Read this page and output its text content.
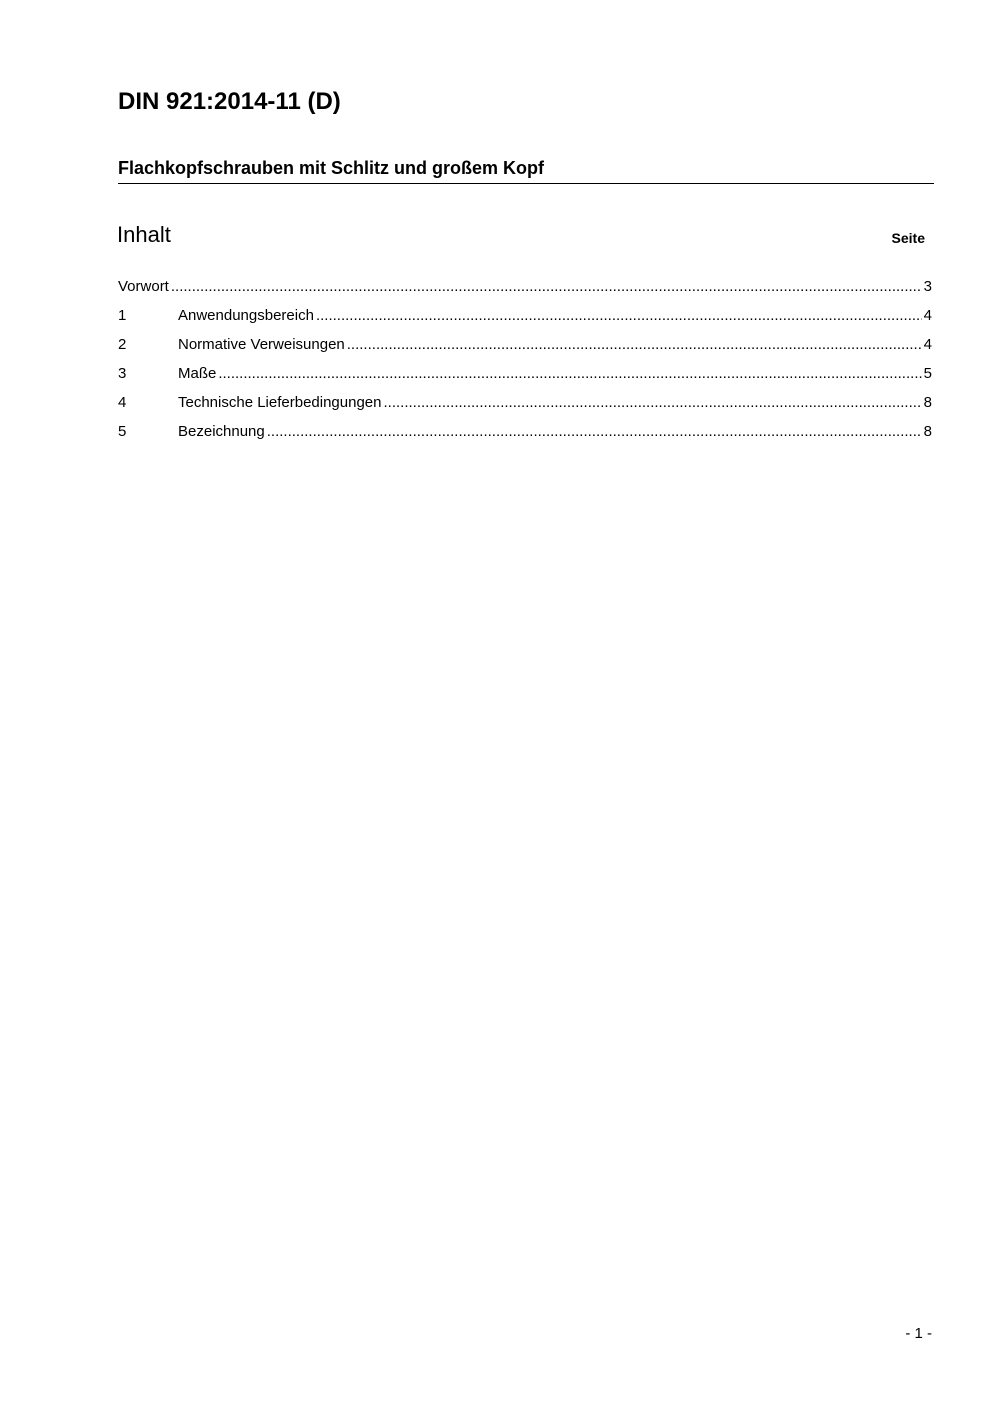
DIN 921:2014-11 (D)
Flachkopfschrauben mit Schlitz und großem Kopf
Inhalt	Seite
Vorwort .....	3
1	Anwendungsbereich .....	4
2	Normative Verweisungen .....	4
3	Maße .....	5
4	Technische Lieferbedingungen .....	8
5	Bezeichnung .....	8
- 1 -
